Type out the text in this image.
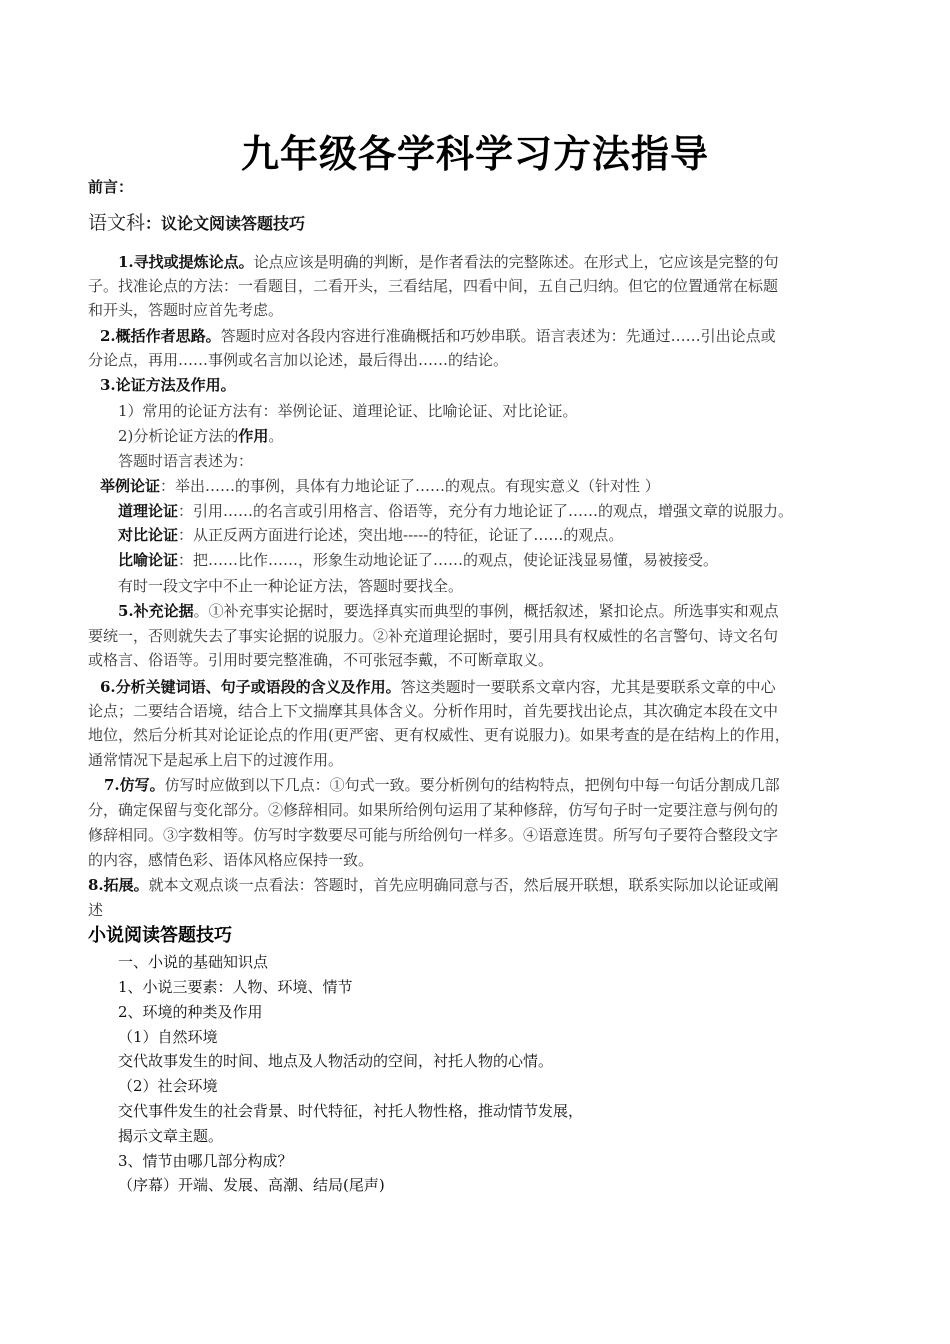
九年级各学科学习方法指导
前言：
语文科：议论文阅读答题技巧
1.寻找或提炼论点。论点应该是明确的判断，是作者看法的完整陈述。在形式上，它应该是完整的句
子。找准论点的方法：一看题目，二看开头，三看结尾，四看中间，五自己归纳。但它的位置通常在标题
和开头，答题时应首先考虑。
2.概括作者思路。答题时应对各段内容进行准确概括和巧妙串联。语言表述为：先通过……引出论点或
分论点，再用……事例或名言加以论述，最后得出……的结论。
3.论证方法及作用。
1）常用的论证方法有：举例论证、道理论证、比喻论证、对比论证。
2)分析论证方法的作用。
答题时语言表述为：
举例论证：举出……的事例，具体有力地论证了……的观点。有现实意义（针对性 ）
道理论证：引用……的名言或引用格言、俗语等，充分有力地论证了……的观点，增强文章的说服力。
对比论证：从正反两方面进行论述，突出地-----的特征，论证了……的观点。
比喻论证：把……比作……，形象生动地论证了……的观点，使论证浅显易懂，易被接受。
有时一段文字中不止一种论证方法，答题时要找全。
5.补充论据。①补充事实论据时，要选择真实而典型的事例，概括叙述，紧扣论点。所选事实和观点
要统一，否则就失去了事实论据的说服力。②补充道理论据时，要引用具有权威性的名言警句、诗文名句
或格言、俗语等。引用时要完整准确，不可张冠李戴，不可断章取义。
6.分析关键词语、句子或语段的含义及作用。答这类题时一要联系文章内容，尤其是要联系文章的中心
论点；二要结合语境，结合上下文揣摩其具体含义。分析作用时，首先要找出论点，其次确定本段在文中
地位，然后分析其对论证论点的作用(更严密、更有权威性、更有说服力)。如果考查的是在结构上的作用，
通常情况下是起承上启下的过渡作用。
7.仿写。仿写时应做到以下几点：①句式一致。要分析例句的结构特点，把例句中每一句话分割成几部
分，确定保留与变化部分。②修辞相同。如果所给例句运用了某种修辞，仿写句子时一定要注意与例句的
修辞相同。③字数相等。仿写时字数要尽可能与所给例句一样多。④语意连贯。所写句子要符合整段文字
的内容，感情色彩、语体风格应保持一致。
8.拓展。就本文观点谈一点看法：答题时，首先应明确同意与否，然后展开联想，联系实际加以论证或阐
述
小说阅读答题技巧
一、小说的基础知识点
1、小说三要素：人物、环境、情节
2、环境的种类及作用
（1）自然环境
交代故事发生的时间、地点及人物活动的空间，衬托人物的心情。
（2）社会环境
交代事件发生的社会背景、时代特征，衬托人物性格，推动情节发展，
揭示文章主题。
3、情节由哪几部分构成？
（序幕）开端、发展、高潮、结局(尾声)
